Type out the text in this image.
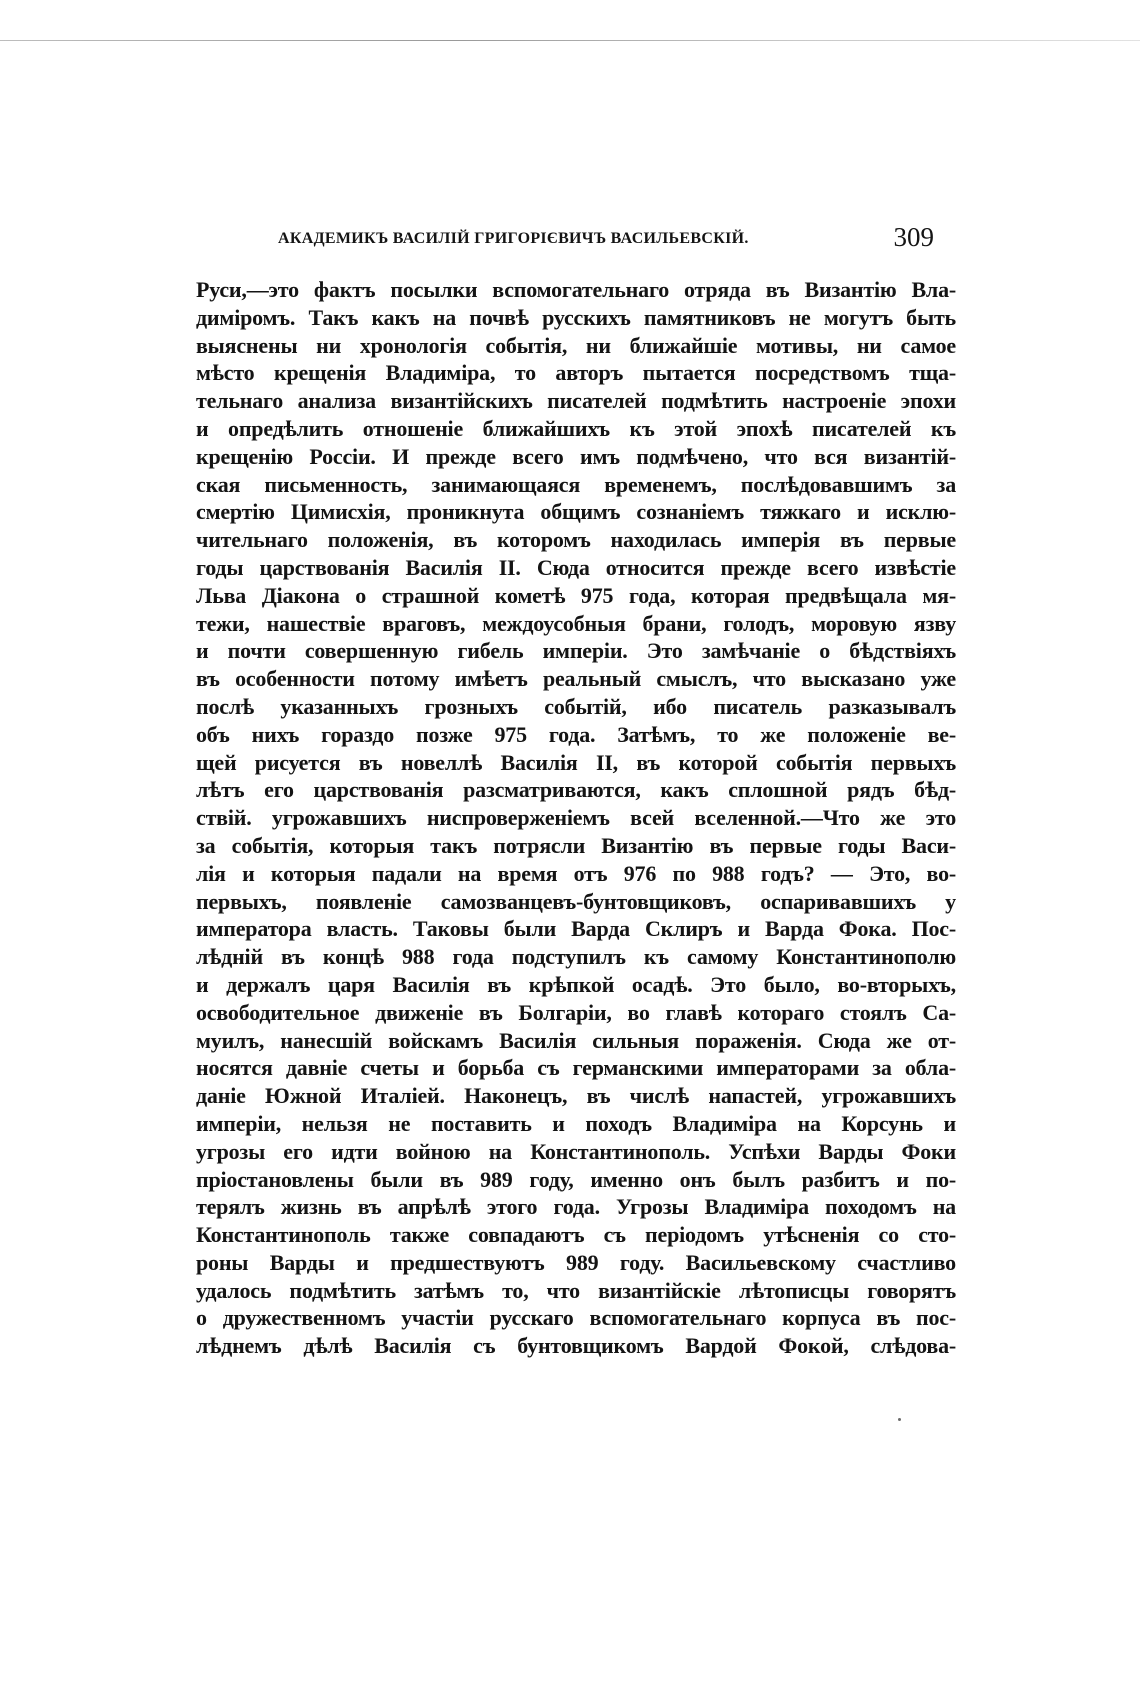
АКАДЕМИКЪ ВАСИЛІЙ ГРИГОРІЄВИЧЪ ВАСИЛЬЕВСКІЙ.	309
Руси,—это фактъ посылки вспомогательнаго отряда въ Византію Вла-
диміромъ. Такъ какъ на почвѣ русскихъ памятниковъ не могутъ быть
выяснены ни хронологія событія, ни ближайшіе мотивы, ни самое
мѣсто крещенія Владиміра, то авторъ пытается посредствомъ тща-
тельнаго анализа византійскихъ писателей подмѣтить настроеніе эпохи
и опредѣлить отношеніе ближайшихъ къ этой эпохѣ писателей къ
крещенію Россіи. И прежде всего имъ подмѣчено, что вся византій-
ская письменность, занимающаяся временемъ, послѣдовавшимъ за
смертію Цимисхія, проникнута общимъ сознаніемъ тяжкаго и исклю-
чительнаго положенія, въ которомъ находилась имперія въ первые
годы царствованія Василія II. Сюда относится прежде всего извѣстіе
Льва Діакона о страшной кометѣ 975 года, которая предвѣщала мя-
тежи, нашествіе враговъ, междоусобныя брани, голодъ, моровую язву
и почти совершенную гибель имперіи. Это замѣчаніе о бѣдствіяхъ
въ особенности потому имѣетъ реальный смыслъ, что высказано уже
послѣ указанныхъ грозныхъ событій, ибо писатель разказывалъ
объ нихъ гораздо позже 975 года. Затѣмъ, то же положеніе ве-
щей рисуется въ новеллѣ Василія II, въ которой событія первыхъ
лѣтъ его царствованія разсматриваются, какъ сплошной рядъ бѣд-
ствій. угрожавшихъ ниспроверженіемъ всей вселенной.—Что же это
за событія, которыя такъ потрясли Византію въ первые годы Васи-
лія и которыя падали на время отъ 976 по 988 годъ? — Это, во-
первыхъ, появленіе самозванцевъ-бунтовщиковъ, оспаривавшихъ у
императора власть. Таковы были Варда Склиръ и Варда Фока. Пос-
лѣдній въ концѣ 988 года подступилъ къ самому Константинополю
и держалъ царя Василія въ крѣпкой осадѣ. Это было, во-вторыхъ,
освободительное движеніе въ Болгаріи, во главѣ котораго стоялъ Са-
муилъ, нанесшій войскамъ Василія сильныя пораженія. Сюда же от-
носятся давніе счеты и борьба съ германскими императорами за обла-
даніе Южной Италіей. Наконецъ, въ числѣ напастей, угрожавшихъ
имперіи, нельзя не поставить и походъ Владиміра на Корсунь и
угрозы его идти войною на Константинополь. Успѣхи Варды Фоки
пріостановлены были въ 989 году, именно онъ былъ разбитъ и по-
терялъ жизнь въ апрѣлѣ этого года. Угрозы Владиміра походомъ на
Константинополь также совпадаютъ съ періодомъ утѣсненія со сто-
роны Варды и предшествуютъ 989 году. Васильевскому счастливо
удалось подмѣтить затѣмъ то, что византійскіе лѣтописцы говорятъ
о дружественномъ участіи русскаго вспомогательнаго корпуса въ пос-
лѣднемъ дѣлѣ Василія съ бунтовщикомъ Вардой Фокой, слѣдова-
